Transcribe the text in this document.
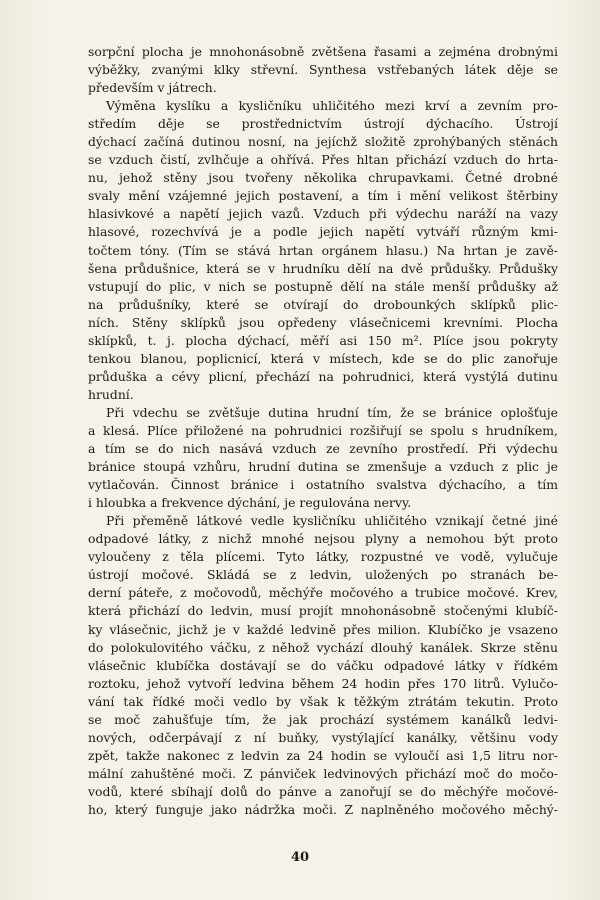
sorpční plocha je mnohonásobně zvětšena řasami a zejména drobnými
výběžky, zvanými klky střevní. Synthesa vstřebaných látek děje se
především v játrech.
Výměna kyslíku a kysličníku uhličitého mezi krví a zevním pro-
středím děje se prostřednictvím ústrojí dýchacího. Ústrojí
dýchací začíná dutinou nosní, na jejíchž složitě zprohýbaných stěnách
se vzduch čistí, zvlhčuje a ohřívá. Přes hltan přichází vzduch do hrta-
nu, jehož stěny jsou tvořeny několika chrupavkami. Četné drobné
svaly mění vzájemné jejich postavení, a tím i mění velikost štěrbiny
hlasivkové a napětí jejich vazů. Vzduch při výdechu naráží na vazy
hlasové, rozechvívá je a podle jejich napětí vytváří různým kmi-
točtem tóny. (Tím se stává hrtan orgánem hlasu.) Na hrtan je zavě-
šena průdušnice, která se v hrudníku dělí na dvě průdušky. Průdušky
vstupují do plic, v nich se postupně dělí na stále menší průdušky až
na průdušníky, které se otvírají do drobounkých sklípků plic-
ních. Stěny sklípků jsou opředeny vlásečnicemi krevními. Plocha
sklípků, t. j. plocha dýchací, měří asi 150 m². Plíce jsou pokryty
tenkou blanou, poplicnicí, která v místech, kde se do plic zanořuje
průduška a cévy plicní, přechází na pohrudnici, která vystýlá dutinu
hrudní.
Při vdechu se zvětšuje dutina hrudní tím, že se bránice oplošťuje
a klesá. Plíce přiložené na pohrudnici rozšiřují se spolu s hrudníkem,
a tím se do nich nasává vzduch ze zevního prostředí. Při výdechu
bránice stoupá vzhůru, hrudní dutina se zmenšuje a vzduch z plic je
vytlačován. Činnost bránice i ostatního svalstva dýchacího, a tím
i hloubka a frekvence dýchání, je regulována nervy.
Při přeměně látkové vedle kysličníku uhličitého vznikají četné jiné
odpadové látky, z nichž mnohé nejsou plyny a nemohou být proto
vyloučeny z těla plícemi. Tyto látky, rozpustné ve vodě, vylučuje
ústrojí močové. Skládá se z ledvin, uložených po stranách be-
derní páteře, z močovodů, měchýře močového a trubice močové. Krev,
která přichází do ledvin, musí projít mnohonásobně stočenými klubíč-
ky vlásečnic, jichž je v každé ledvině přes milion. Klubíčko je vsazeno
do polokulovitého váčku, z něhož vychází dlouhý kanálek. Skrze stěnu
vlásečnic klubíčka dostávají se do váčku odpadové látky v řídkém
roztoku, jehož vytvoří ledvina během 24 hodin přes 170 litrů. Vylučo-
vání tak řídké moči vedlo by však k těžkým ztrátám tekutin. Proto
se moč zahušťuje tím, že jak prochází systémem kanálků ledvi-
nových, odčerpávají z ní buňky, vystýlající kanálky, většinu vody
zpět, takže nakonec z ledvin za 24 hodin se vyloučí asi 1,5 litru nor-
mální zahuštěné moči. Z pánviček ledvinových přichází moč do močo-
vodů, které sbíhají dolů do pánve a zanořují se do měchýře močové-
ho, který funguje jako nádržka moči. Z naplněného močového měchý-
40
